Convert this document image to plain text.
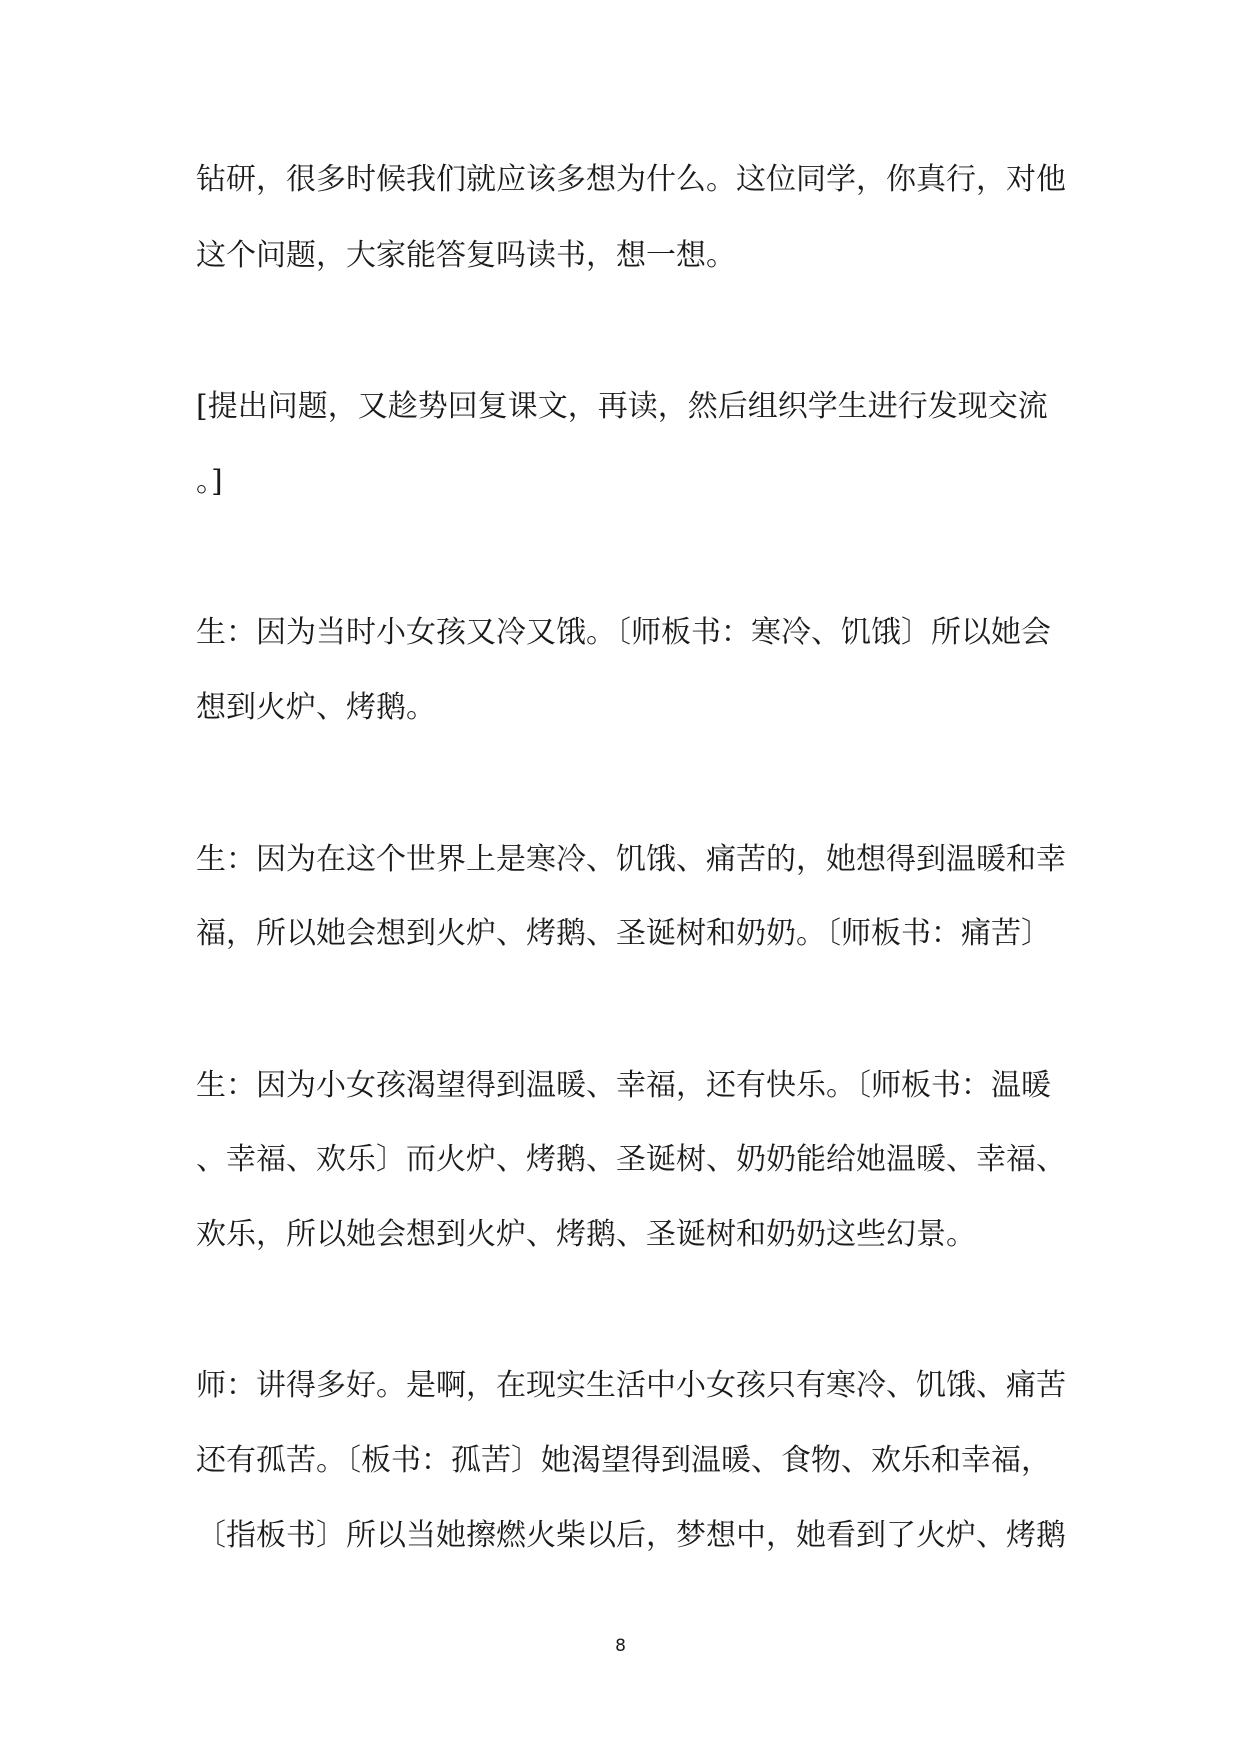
钻研，很多时候我们就应该多想为什么。这位同学，你真行，对他
这个问题，大家能答复吗读书，想一想。
[提出问题，又趁势回复课文，再读，然后组织学生进行发现交流
。]
生：因为当时小女孩又冷又饿。〔师板书：寒冷、饥饿〕所以她会
想到火炉、烤鹅。
生：因为在这个世界上是寒冷、饥饿、痛苦的，她想得到温暖和幸
福，所以她会想到火炉、烤鹅、圣诞树和奶奶。〔师板书：痛苦〕
生：因为小女孩渴望得到温暖、幸福，还有快乐。〔师板书：温暖
、幸福、欢乐〕而火炉、烤鹅、圣诞树、奶奶能给她温暖、幸福、
欢乐，所以她会想到火炉、烤鹅、圣诞树和奶奶这些幻景。
师：讲得多好。是啊，在现实生活中小女孩只有寒冷、饥饿、痛苦
还有孤苦。〔板书：孤苦〕她渴望得到温暖、食物、欢乐和幸福，
〔指板书〕所以当她擦燃火柴以后，梦想中，她看到了火炉、烤鹅
8
